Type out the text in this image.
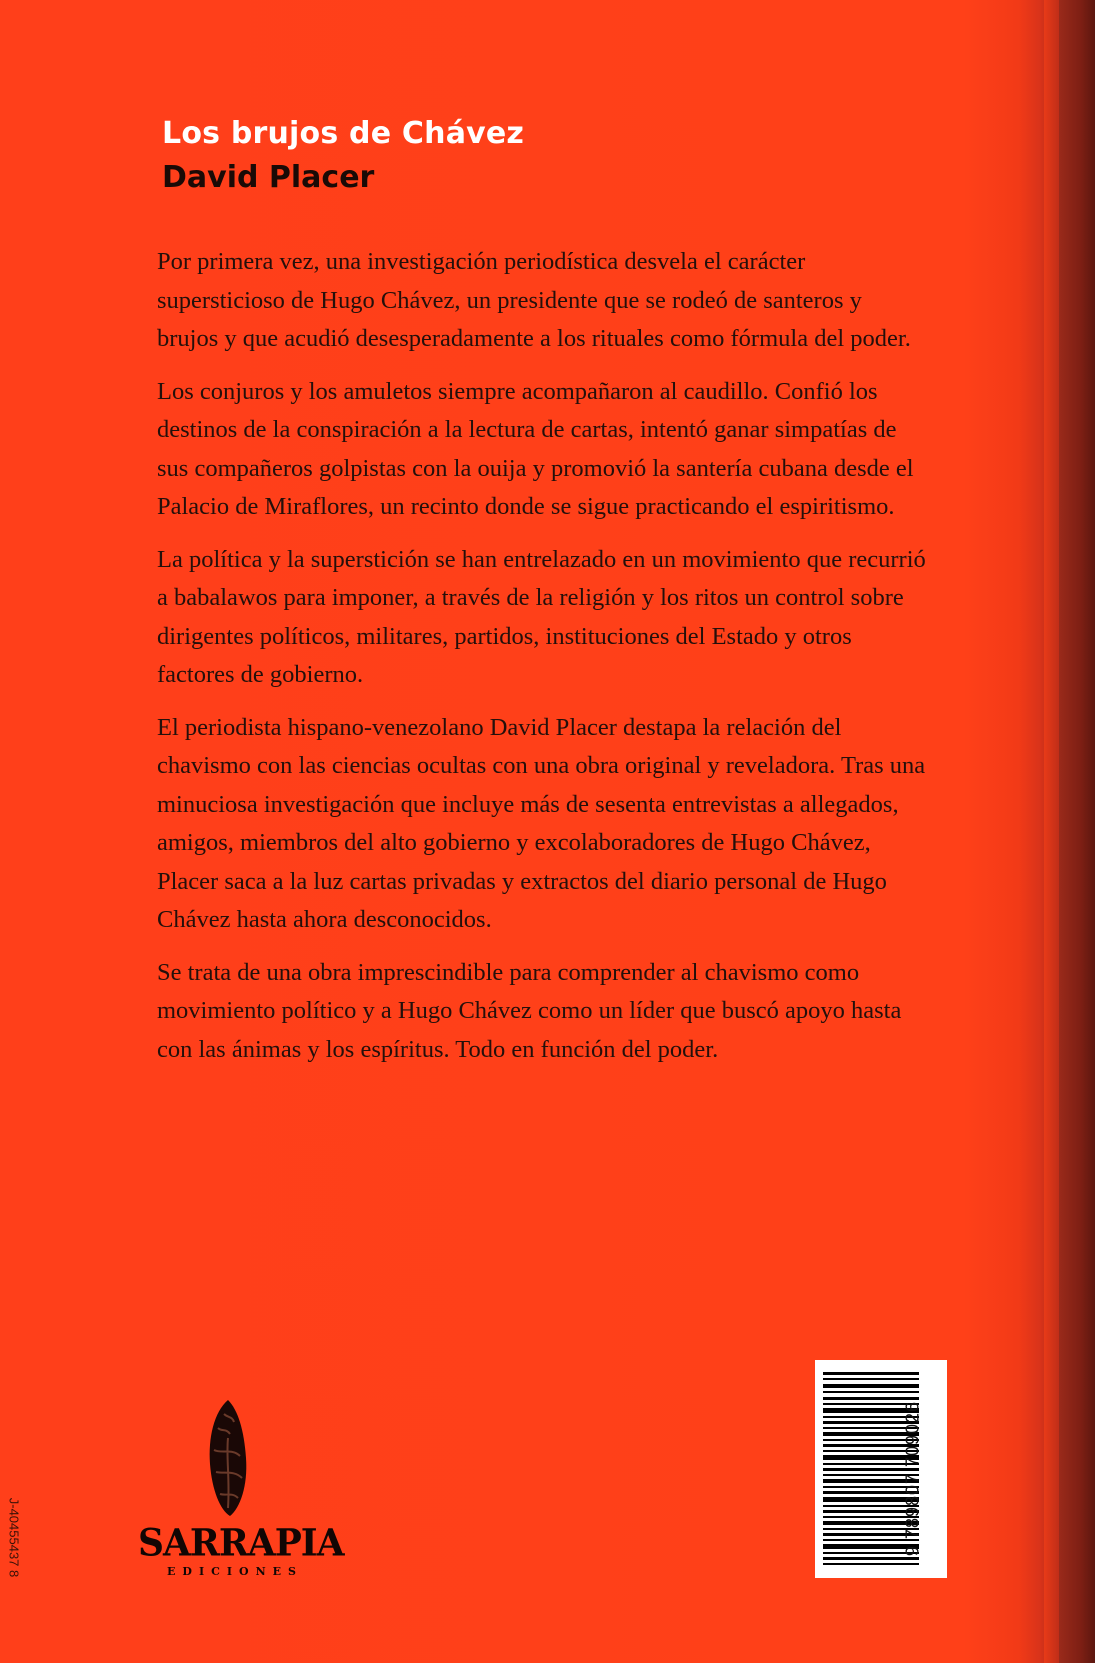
Los brujos de Chávez
David Placer

Por primera vez, una investigación periodística desvela el carácter supersticioso de Hugo Chávez, un presidente que se rodeó de santeros y brujos y que acudió desesperadamente a los rituales como fórmula del poder.

Los conjuros y los amuletos siempre acompañaron al caudillo. Confió los destinos de la conspiración a la lectura de cartas, intentó ganar simpatías de sus compañeros golpistas con la ouija y promovió la santería cubana desde el Palacio de Miraflores, un recinto donde se sigue practicando el espiritismo.

La política y la superstición se han entrelazado en un movimiento que recurrió a babalawos para imponer, a través de la religión y los ritos un control sobre dirigentes políticos, militares, partidos, instituciones del Estado y otros factores de gobierno.

El periodista hispano-venezolano David Placer destapa la relación del chavismo con las ciencias ocultas con una obra original y reveladora. Tras una minuciosa investigación que incluye más de sesenta entrevistas a allegados, amigos, miembros del alto gobierno y excolaboradores de Hugo Chávez, Placer saca a la luz cartas privadas y extractos del diario personal de Hugo Chávez hasta ahora desconocidos.

Se trata de una obra imprescindible para comprender al chavismo como movimiento político y a Hugo Chávez como un líder que buscó apoyo hasta con las ánimas y los espíritus. Todo en función del poder.

SARRAPIA
EDICIONES
9 789807 709026
J-40455437 8
